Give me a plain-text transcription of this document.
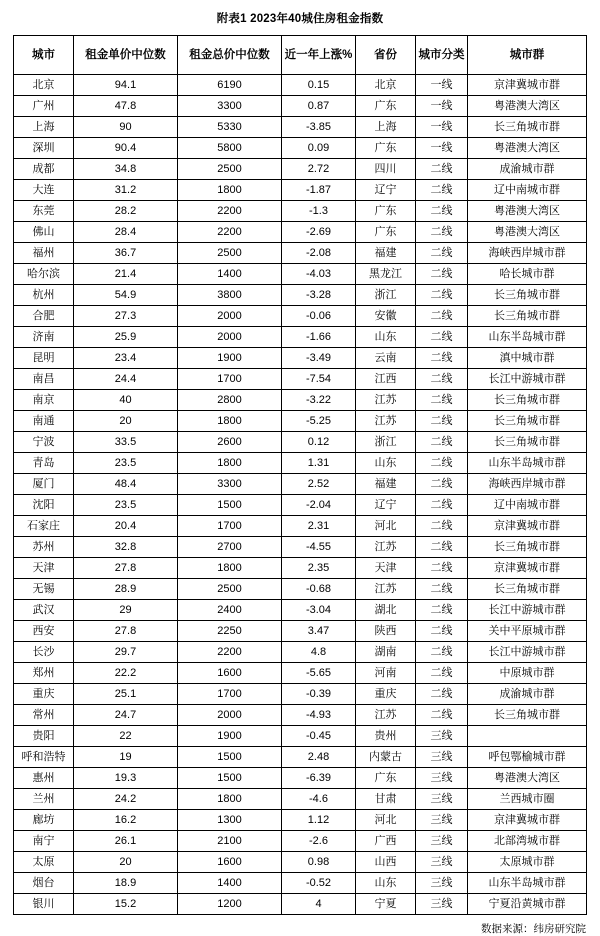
附表1 2023年40城住房租金指数
城市	租金单价中位数	租金总价中位数	近一年上涨%	省份	城市分类	城市群
北京	94.1	6190	0.15	北京	一线	京津冀城市群
广州	47.8	3300	0.87	广东	一线	粤港澳大湾区
上海	90	5330	-3.85	上海	一线	长三角城市群
深圳	90.4	5800	0.09	广东	一线	粤港澳大湾区
成都	34.8	2500	2.72	四川	二线	成渝城市群
大连	31.2	1800	-1.87	辽宁	二线	辽中南城市群
东莞	28.2	2200	-1.3	广东	二线	粤港澳大湾区
佛山	28.4	2200	-2.69	广东	二线	粤港澳大湾区
福州	36.7	2500	-2.08	福建	二线	海峡西岸城市群
哈尔滨	21.4	1400	-4.03	黑龙江	二线	哈长城市群
杭州	54.9	3800	-3.28	浙江	二线	长三角城市群
合肥	27.3	2000	-0.06	安徽	二线	长三角城市群
济南	25.9	2000	-1.66	山东	二线	山东半岛城市群
昆明	23.4	1900	-3.49	云南	二线	滇中城市群
南昌	24.4	1700	-7.54	江西	二线	长江中游城市群
南京	40	2800	-3.22	江苏	二线	长三角城市群
南通	20	1800	-5.25	江苏	二线	长三角城市群
宁波	33.5	2600	0.12	浙江	二线	长三角城市群
青岛	23.5	1800	1.31	山东	二线	山东半岛城市群
厦门	48.4	3300	2.52	福建	二线	海峡西岸城市群
沈阳	23.5	1500	-2.04	辽宁	二线	辽中南城市群
石家庄	20.4	1700	2.31	河北	二线	京津冀城市群
苏州	32.8	2700	-4.55	江苏	二线	长三角城市群
天津	27.8	1800	2.35	天津	二线	京津冀城市群
无锡	28.9	2500	-0.68	江苏	二线	长三角城市群
武汉	29	2400	-3.04	湖北	二线	长江中游城市群
西安	27.8	2250	3.47	陕西	二线	关中平原城市群
长沙	29.7	2200	4.8	湖南	二线	长江中游城市群
郑州	22.2	1600	-5.65	河南	二线	中原城市群
重庆	25.1	1700	-0.39	重庆	二线	成渝城市群
常州	24.7	2000	-4.93	江苏	二线	长三角城市群
贵阳	22	1900	-0.45	贵州	三线	
呼和浩特	19	1500	2.48	内蒙古	三线	呼包鄂榆城市群
惠州	19.3	1500	-6.39	广东	三线	粤港澳大湾区
兰州	24.2	1800	-4.6	甘肃	三线	兰西城市圈
廊坊	16.2	1300	1.12	河北	三线	京津冀城市群
南宁	26.1	2100	-2.6	广西	三线	北部湾城市群
太原	20	1600	0.98	山西	三线	太原城市群
烟台	18.9	1400	-0.52	山东	三线	山东半岛城市群
银川	15.2	1200	4	宁夏	三线	宁夏沿黄城市群
数据来源：纬房研究院
